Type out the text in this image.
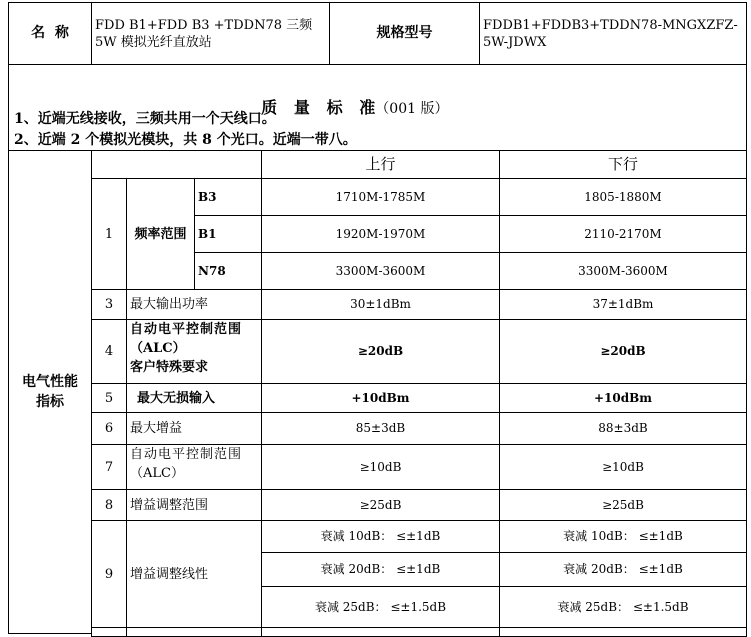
名  称 FDD B1+FDD B3 +TDDN78 三频
5W 模拟光纤直放站
规格型号	FDDB1+FDDB3+TDDN78-MNGXZFZ-
5W-JDWX

质   量   标   准（001 版）

1、近端无线接收，三频共用一个天线口。
2、近端 2 个模拟光模块，共 8 个光口。近端一带八。
电气性能指标
上行	下行
1 频率范围
B3	1710M-1785M	1805-1880M
B1	1920M-1970M	2110-2170M
N78	3300M-3600M	3300M-3600M
3 最大输出功率	30±1dBm	37±1dBm
4
自动电平控制范围
（ALC）
客户特殊要求
≥20dB	≥20dB
5 最大无损输入	+10dBm	+10dBm
6 最大增益	85±3dB	88±3dB
7
自动电平控制范围
（ALC）	≥10dB	≥10dB
8 增益调整范围	≥25dB	≥25dB
9 增益调整线性
衰减 10dB： ≤±1dB	衰减 10dB： ≤±1dB
衰减 20dB： ≤±1dB	衰减 20dB： ≤±1dB
衰减 25dB： ≤±1.5dB	衰减 25dB： ≤±1.5dB
